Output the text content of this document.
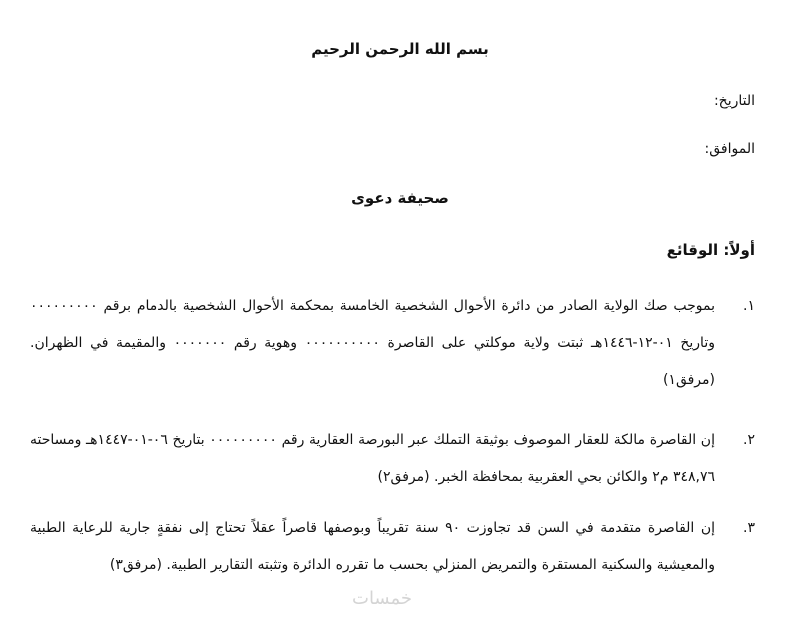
بسم الله الرحمن الرحيم
التاريخ:
الموافق:
صحيفة دعوى
أولاً: الوقائع
١.
بموجب صك الولاية الصادر من دائرة الأحوال الشخصية الخامسة بمحكمة الأحوال الشخصية بالدمام برقم ٠٠٠٠٠٠٠٠٠ وتاريخ ٠١-١٢-١٤٤٦هـ ثبتت ولاية موكلتي على القاصرة ٠٠٠٠٠٠٠٠٠٠ وهوية رقم ٠٠٠٠٠٠٠ والمقيمة في الظهران. (مرفق١)
٢.
إن القاصرة مالكة للعقار الموصوف بوثيقة التملك عبر البورصة العقارية رقم ٠٠٠٠٠٠٠٠٠ بتاريخ ٠٦-٠١-١٤٤٧هـ ومساحته ٣٤٨,٧٦ م٢ والكائن بحي العقربية بمحافظة الخبر. (مرفق٢)
٣.
إن القاصرة متقدمة في السن قد تجاوزت ٩٠ سنة تقريباً وبوصفها قاصراً عقلاً تحتاج إلى نفقةٍ جارية للرعاية الطبية والمعيشية والسكنية المستقرة والتمريض المنزلي بحسب ما تقرره الدائرة وتثبته التقارير الطبية. (مرفق٣)
خمسات
